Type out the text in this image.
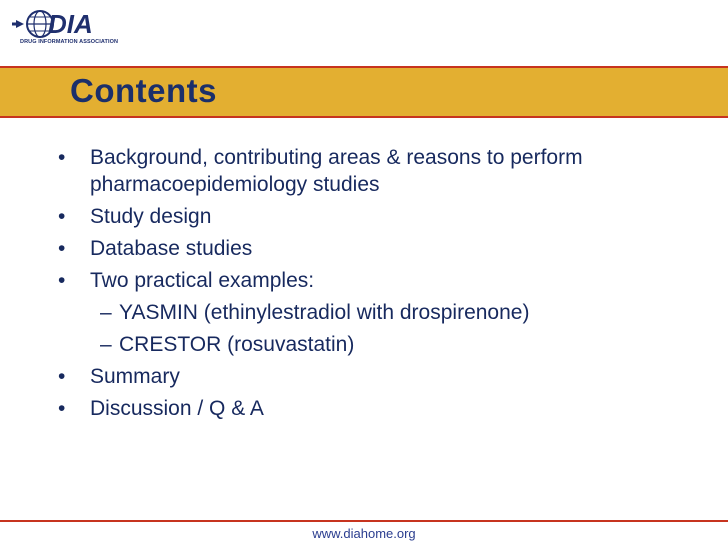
DIA
DRUG INFORMATION ASSOCIATION
Contents
• Background, contributing areas & reasons to perform pharmacoepidemiology studies
• Study design
• Database studies
• Two practical examples:
– YASMIN (ethinylestradiol with drospirenone)
– CRESTOR (rosuvastatin)
• Summary
• Discussion / Q & A
www.diahome.org
